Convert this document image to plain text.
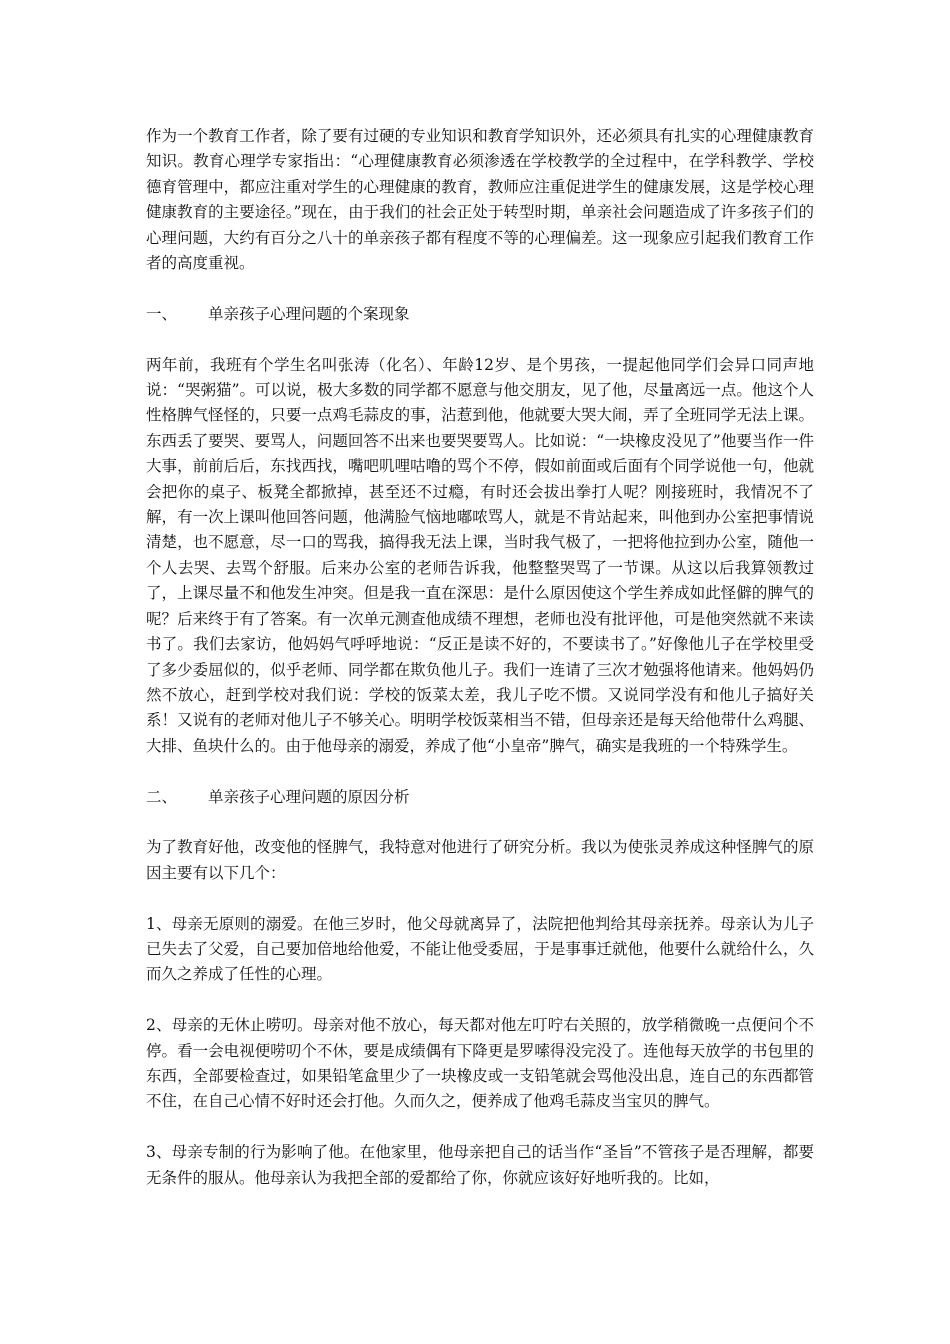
作为一个教育工作者，除了要有过硬的专业知识和教育学知识外，还必须具有扎实的心理健康教育知识。教育心理学专家指出：“心理健康教育必须渗透在学校教学的全过程中，在学科教学、学校德育管理中，都应注重对学生的心理健康的教育，教师应注重促进学生的健康发展，这是学校心理健康教育的主要途径。”现在，由于我们的社会正处于转型时期，单亲社会问题造成了许多孩子们的心理问题，大约有百分之八十的单亲孩子都有程度不等的心理偏差。这一现象应引起我们教育工作者的高度重视。

一、 单亲孩子心理问题的个案现象

两年前，我班有个学生名叫张涛（化名）、年龄12岁、是个男孩，一提起他同学们会异口同声地说：“哭粥猫”。可以说，极大多数的同学都不愿意与他交朋友，见了他，尽量离远一点。他这个人性格脾气怪怪的，只要一点鸡毛蒜皮的事，沾惹到他，他就要大哭大闹，弄了全班同学无法上课。东西丢了要哭、要骂人，问题回答不出来也要哭要骂人。比如说：“一块橡皮没见了”他要当作一件大事，前前后后，东找西找，嘴吧叽哩咕噜的骂个不停，假如前面或后面有个同学说他一句，他就会把你的桌子、板凳全都掀掉，甚至还不过瘾，有时还会拔出拳打人呢？刚接班时，我情况不了解，有一次上课叫他回答问题，他满脸气恼地嘟哝骂人，就是不肯站起来，叫他到办公室把事情说清楚，也不愿意，尽一口的骂我，搞得我无法上课，当时我气极了，一把将他拉到办公室，随他一个人去哭、去骂个舒服。后来办公室的老师告诉我，他整整哭骂了一节课。从这以后我算领教过了，上课尽量不和他发生冲突。但是我一直在深思：是什么原因使这个学生养成如此怪僻的脾气的呢？后来终于有了答案。有一次单元测查他成绩不理想，老师也没有批评他，可是他突然就不来读书了。我们去家访，他妈妈气呼呼地说：“反正是读不好的，不要读书了。”好像他儿子在学校里受了多少委屈似的，似乎老师、同学都在欺负他儿子。我们一连请了三次才勉强将他请来。他妈妈仍然不放心，赶到学校对我们说：学校的饭菜太差，我儿子吃不惯。又说同学没有和他儿子搞好关系！又说有的老师对他儿子不够关心。明明学校饭菜相当不错，但母亲还是每天给他带什么鸡腿、大排、鱼块什么的。由于他母亲的溺爱，养成了他“小皇帝”脾气，确实是我班的一个特殊学生。

二、 单亲孩子心理问题的原因分析

为了教育好他，改变他的怪脾气，我特意对他进行了研究分析。我以为使张灵养成这种怪脾气的原因主要有以下几个：

1、母亲无原则的溺爱。在他三岁时，他父母就离异了，法院把他判给其母亲抚养。母亲认为儿子已失去了父爱，自己要加倍地给他爱，不能让他受委屈，于是事事迁就他，他要什么就给什么，久而久之养成了任性的心理。

2、母亲的无休止唠叨。母亲对他不放心，每天都对他左叮咛右关照的，放学稍微晚一点便问个不停。看一会电视便唠叨个不休，要是成绩偶有下降更是罗嗦得没完没了。连他每天放学的书包里的东西，全部要检查过，如果铅笔盒里少了一块橡皮或一支铅笔就会骂他没出息，连自己的东西都管不住，在自己心情不好时还会打他。久而久之，便养成了他鸡毛蒜皮当宝贝的脾气。

3、母亲专制的行为影响了他。在他家里，他母亲把自己的话当作“圣旨”不管孩子是否理解，都要无条件的服从。他母亲认为我把全部的爱都给了你，你就应该好好地听我的。比如，
